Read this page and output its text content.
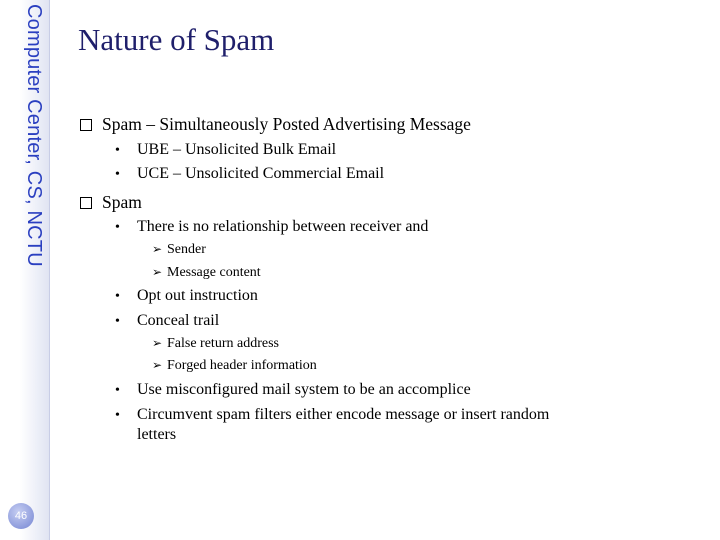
Computer Center, CS, NCTU
46
Nature of Spam
Spam – Simultaneously Posted Advertising Message
• UBE – Unsolicited Bulk Email
• UCE – Unsolicited Commercial Email
Spam
• There is no relationship between receiver and
➢ Sender
➢ Message content
• Opt out instruction
• Conceal trail
➢ False return address
➢ Forged header information
• Use misconfigured mail system to be an accomplice
• Circumvent spam filters either encode message or insert random
letters
